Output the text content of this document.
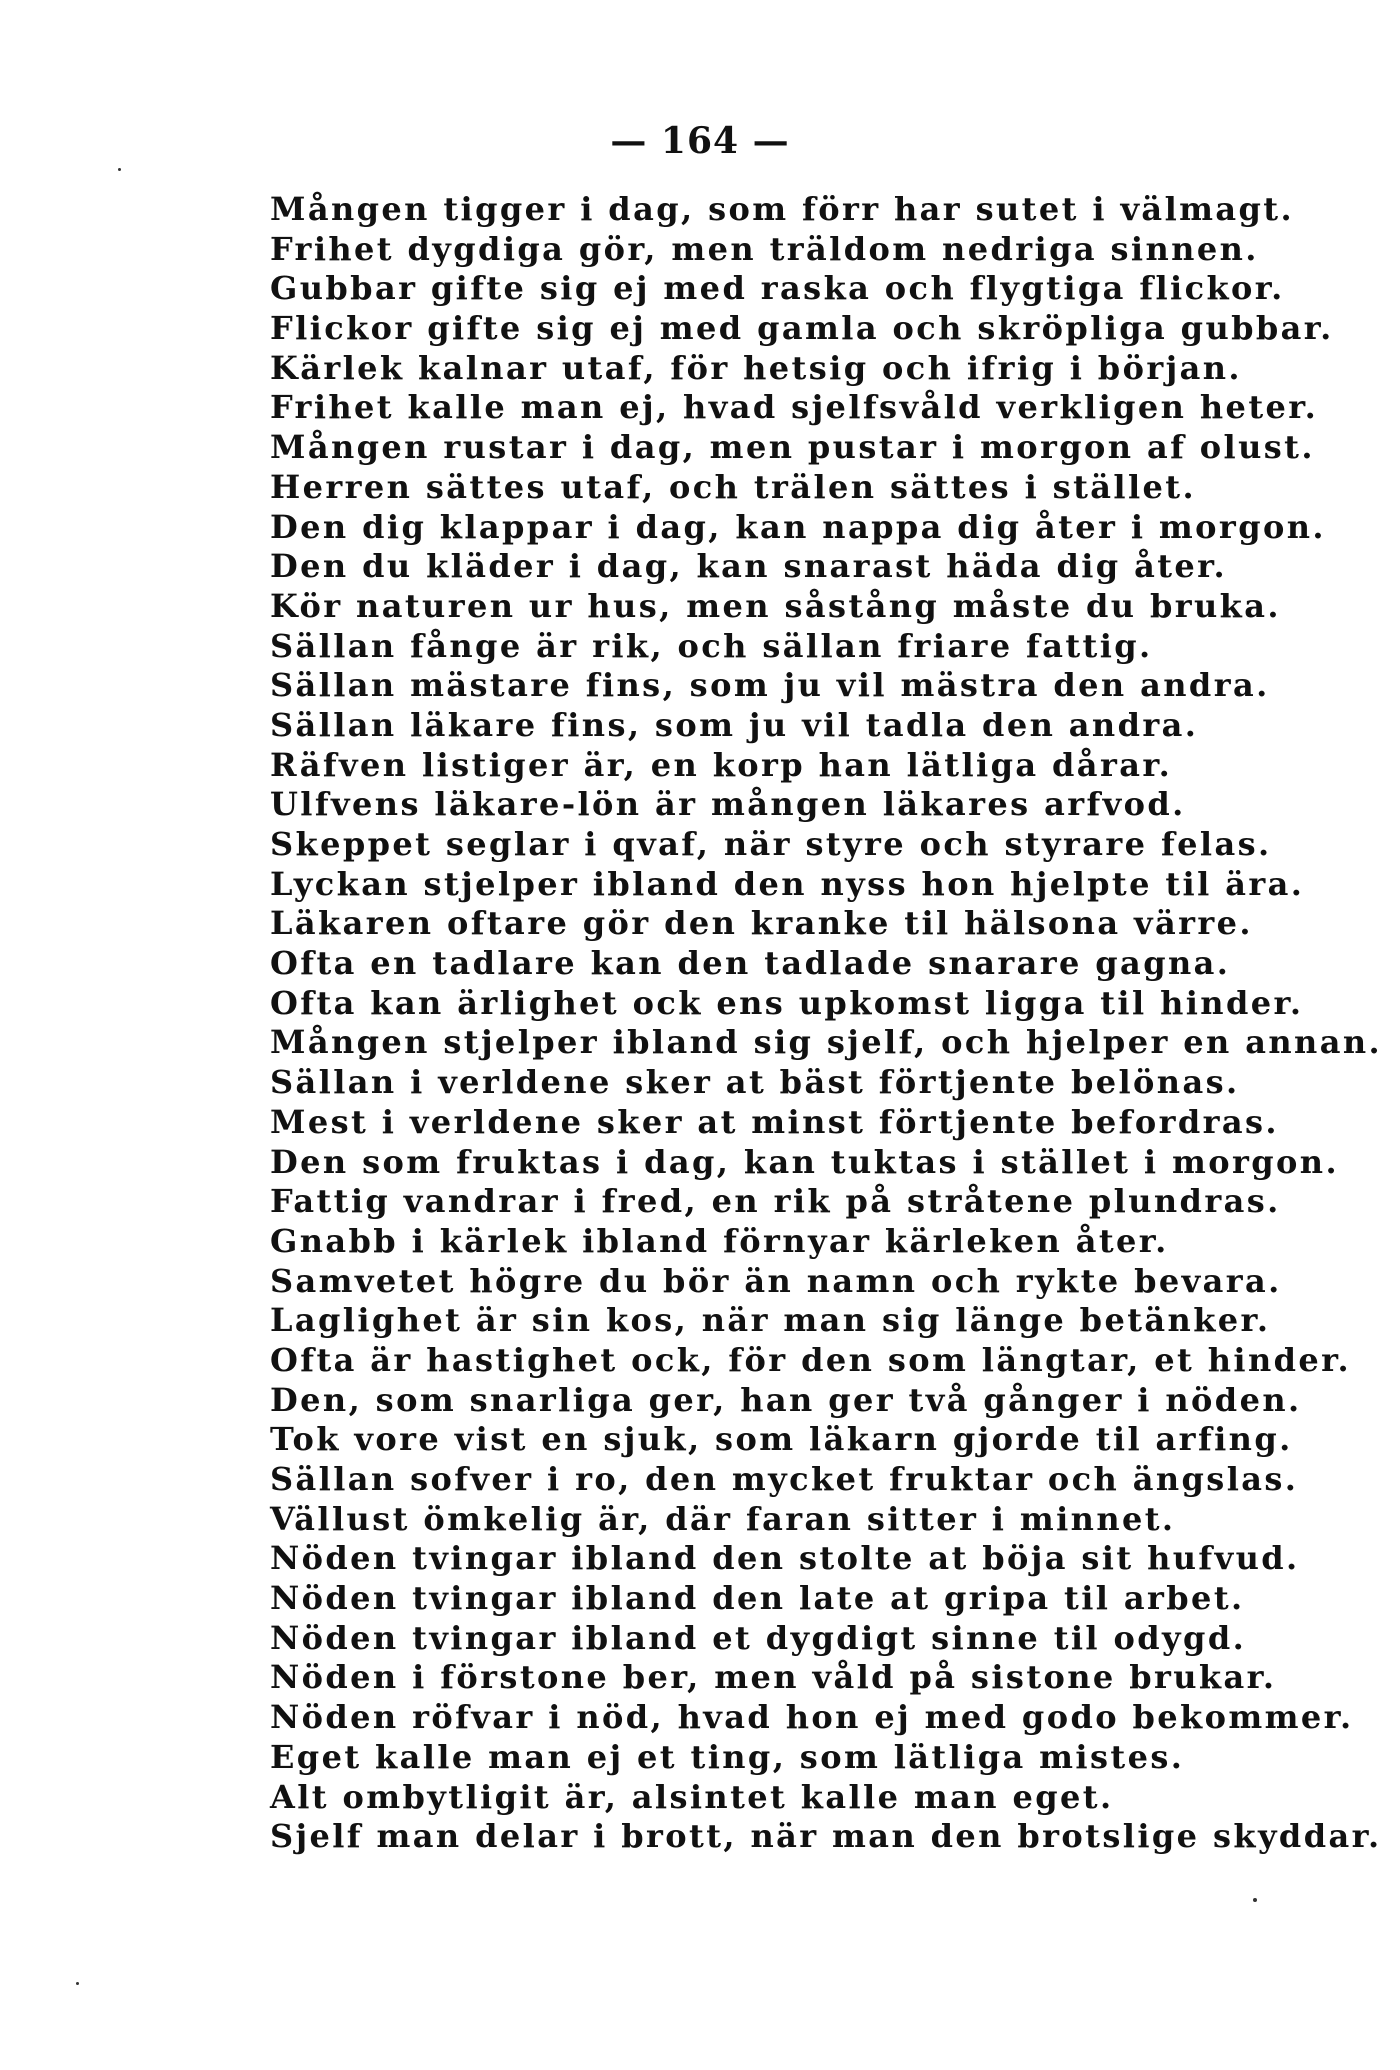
— 164 —
Mången tigger i dag, som förr har sutet i välmagt.
Frihet dygdiga gör, men träldom nedriga sinnen.
Gubbar gifte sig ej med raska och flygtiga flickor.
Flickor gifte sig ej med gamla och skröpliga gubbar.
Kärlek kalnar utaf, för hetsig och ifrig i början.
Frihet kalle man ej, hvad sjelfsvåld verkligen heter.
Mången rustar i dag, men pustar i morgon af olust.
Herren sättes utaf, och trälen sättes i stället.
Den dig klappar i dag, kan nappa dig åter i morgon.
Den du kläder i dag, kan snarast häda dig åter.
Kör naturen ur hus, men såstång måste du bruka.
Sällan fånge är rik, och sällan friare fattig.
Sällan mästare fins, som ju vil mästra den andra.
Sällan läkare fins, som ju vil tadla den andra.
Räfven listiger är, en korp han lätliga dårar.
Ulfvens läkare-lön är mången läkares arfvod.
Skeppet seglar i qvaf, när styre och styrare felas.
Lyckan stjelper ibland den nyss hon hjelpte til ära.
Läkaren oftare gör den kranke til hälsona värre.
Ofta en tadlare kan den tadlade snarare gagna.
Ofta kan ärlighet ock ens upkomst ligga til hinder.
Mången stjelper ibland sig sjelf, och hjelper en annan.
Sällan i verldene sker at bäst förtjente belönas.
Mest i verldene sker at minst förtjente befordras.
Den som fruktas i dag, kan tuktas i stället i morgon.
Fattig vandrar i fred, en rik på stråtene plundras.
Gnabb i kärlek ibland förnyar kärleken åter.
Samvetet högre du bör än namn och rykte bevara.
Laglighet är sin kos, när man sig länge betänker.
Ofta är hastighet ock, för den som längtar, et hinder.
Den, som snarliga ger, han ger två gånger i nöden.
Tok vore vist en sjuk, som läkarn gjorde til arfing.
Sällan sofver i ro, den mycket fruktar och ängslas.
Vällust ömkelig är, där faran sitter i minnet.
Nöden tvingar ibland den stolte at böja sit hufvud.
Nöden tvingar ibland den late at gripa til arbet.
Nöden tvingar ibland et dygdigt sinne til odygd.
Nöden i förstone ber, men våld på sistone brukar.
Nöden röfvar i nöd, hvad hon ej med godo bekommer.
Eget kalle man ej et ting, som lätliga mistes.
Alt ombytligit är, alsintet kalle man eget.
Sjelf man delar i brott, när man den brotslige skyddar.
